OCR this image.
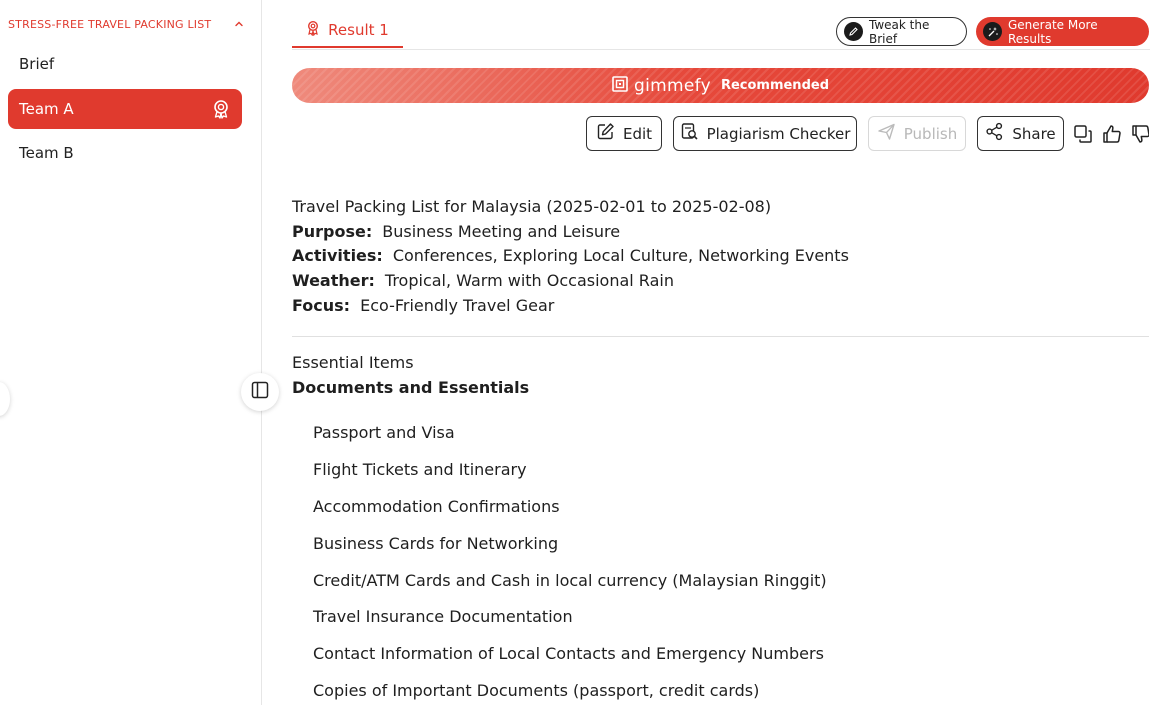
STRESS-FREE TRAVEL PACKING LIST
Brief
Team A
Team B
Result 1	Tweak the Brief
Generate More Results
gimmefy Recommended
Edit	Plagiarism Checker	Publish	Share
Travel Packing List for Malaysia (2025-02-01 to 2025-02-08)
Purpose: Business Meeting and Leisure
Activities: Conferences, Exploring Local Culture, Networking Events
Weather: Tropical, Warm with Occasional Rain
Focus: Eco-Friendly Travel Gear
Essential Items
Documents and Essentials
Passport and Visa
Flight Tickets and Itinerary
Accommodation Confirmations
Business Cards for Networking
Credit/ATM Cards and Cash in local currency (Malaysian Ringgit)
Travel Insurance Documentation
Contact Information of Local Contacts and Emergency Numbers
Copies of Important Documents (passport, credit cards)
